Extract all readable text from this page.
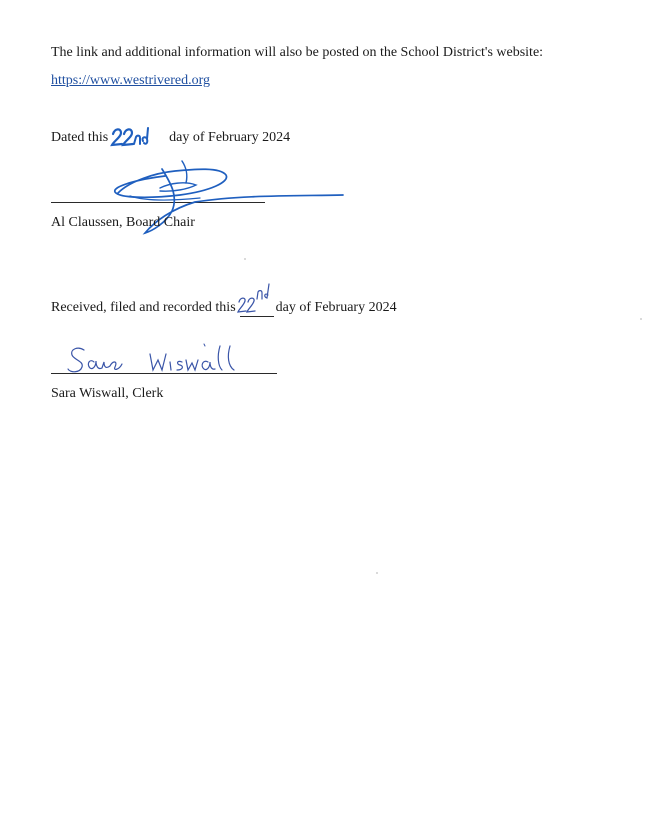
The link and additional information will also be posted on the School District's website:
https://www.westrivered.org
Dated this	day of February 2024
Al Claussen, Board Chair
Received, filed and recorded this	day of February 2024
Sara Wiswall, Clerk
